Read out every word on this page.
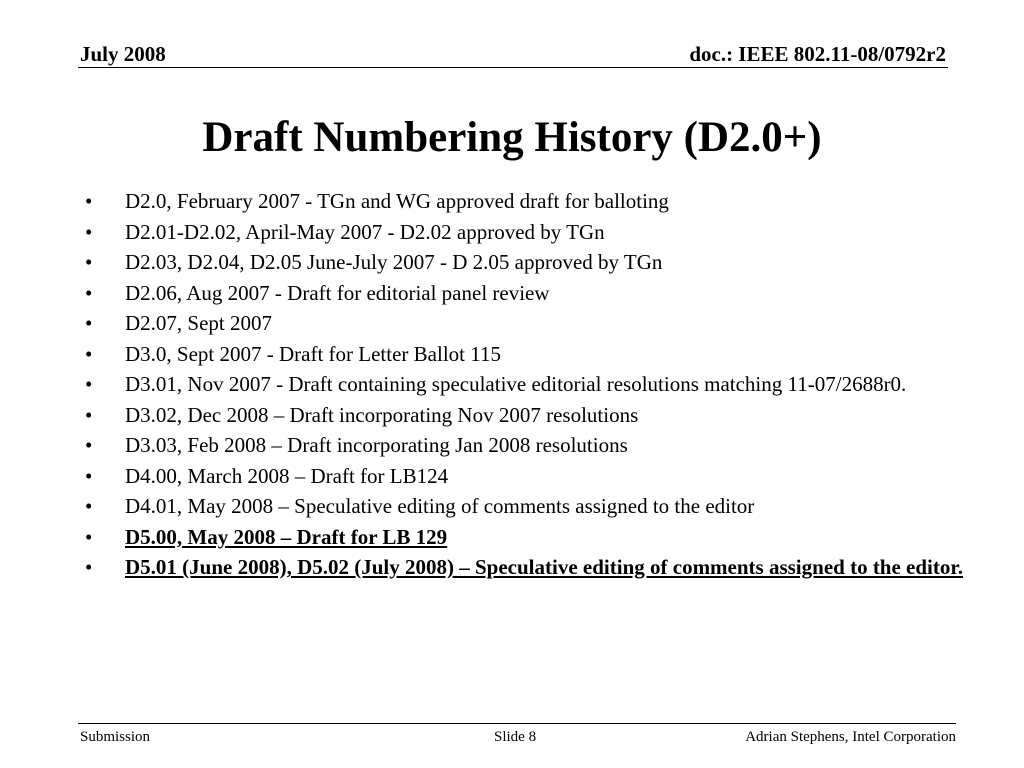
July 2008	doc.: IEEE 802.11-08/0792r2
Draft Numbering History (D2.0+)
•	D2.0, February 2007 - TGn and WG approved draft for balloting
•	D2.01-D2.02, April-May 2007 - D2.02 approved by TGn
•	D2.03, D2.04, D2.05 June-July 2007 - D 2.05 approved by TGn
•	D2.06, Aug 2007 - Draft for editorial panel review
•	D2.07, Sept 2007
•	D3.0, Sept 2007 - Draft for Letter Ballot 115
•	D3.01, Nov 2007 - Draft containing speculative editorial resolutions matching 11-07/2688r0.
•	D3.02, Dec 2008 – Draft incorporating Nov 2007 resolutions
•	D3.03, Feb 2008 – Draft incorporating Jan 2008 resolutions
•	D4.00, March 2008 – Draft for LB124
•	D4.01, May 2008 – Speculative editing of comments assigned to the editor
•	D5.00, May 2008 – Draft for LB 129
•	D5.01 (June 2008), D5.02 (July 2008) – Speculative editing of comments assigned to the editor.
Submission	Slide 8	Adrian Stephens, Intel Corporation
